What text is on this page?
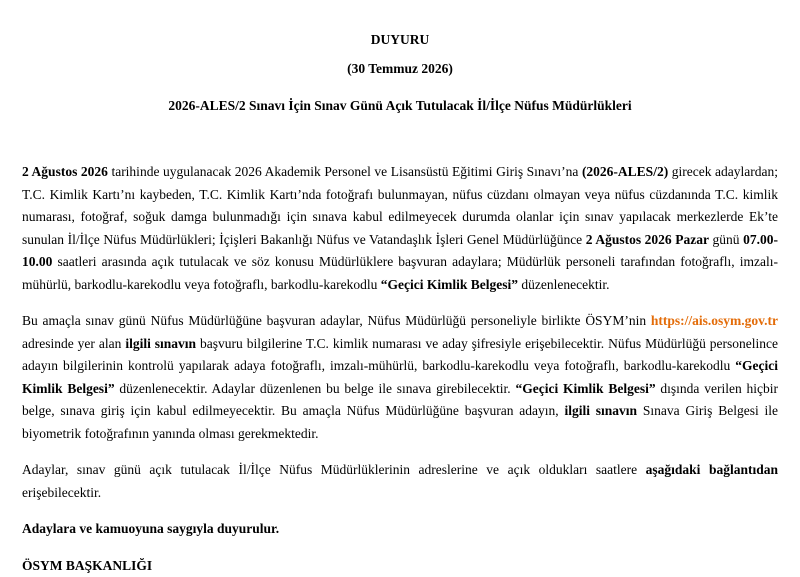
DUYURU
(30 Temmuz 2026)
2026-ALES/2 Sınavı İçin Sınav Günü Açık Tutulacak İl/İlçe Nüfus Müdürlükleri

2 Ağustos 2026 tarihinde uygulanacak 2026 Akademik Personel ve Lisansüstü Eğitimi Giriş Sınavı’na (2026-ALES/2) girecek adaylardan; T.C. Kimlik Kartı’nı kaybeden, T.C. Kimlik Kartı’nda fotoğrafı bulunmayan, nüfus cüzdanı olmayan veya nüfus cüzdanında T.C. kimlik numarası, fotoğraf, soğuk damga bulunmadığı için sınava kabul edilmeyecek durumda olanlar için sınav yapılacak merkezlerde Ek’te sunulan İl/İlçe Nüfus Müdürlükleri; İçişleri Bakanlığı Nüfus ve Vatandaşlık İşleri Genel Müdürlüğünce 2 Ağustos 2026 Pazar günü 07.00-10.00 saatleri arasında açık tutulacak ve söz konusu Müdürlüklere başvuran adaylara; Müdürlük personeli tarafından fotoğraflı, imzalı-mühürlü, barkodlu-karekodlu veya fotoğraflı, barkodlu-karekodlu “Geçici Kimlik Belgesi” düzenlenecektir.

Bu amaçla sınav günü Nüfus Müdürlüğüne başvuran adaylar, Nüfus Müdürlüğü personeliyle birlikte ÖSYM’nin https://ais.osym.gov.tr adresinde yer alan ilgili sınavın başvuru bilgilerine T.C. kimlik numarası ve aday şifresiyle erişebilecektir. Nüfus Müdürlüğü personelince adayın bilgilerinin kontrolü yapılarak adaya fotoğraflı, imzalı-mühürlü, barkodlu-karekodlu veya fotoğraflı, barkodlu-karekodlu “Geçici Kimlik Belgesi” düzenlenecektir. Adaylar düzenlenen bu belge ile sınava girebilecektir. “Geçici Kimlik Belgesi” dışında verilen hiçbir belge, sınava giriş için kabul edilmeyecektir. Bu amaçla Nüfus Müdürlüğüne başvuran adayın, ilgili sınavın Sınava Giriş Belgesi ile biyometrik fotoğrafının yanında olması gerekmektedir.

Adaylar, sınav günü açık tutulacak İl/İlçe Nüfus Müdürlüklerinin adreslerine ve açık oldukları saatlere aşağıdaki bağlantıdan erişebilecektir.

Adaylara ve kamuoyuna saygıyla duyurulur.

ÖSYM BAŞKANLIĞI
